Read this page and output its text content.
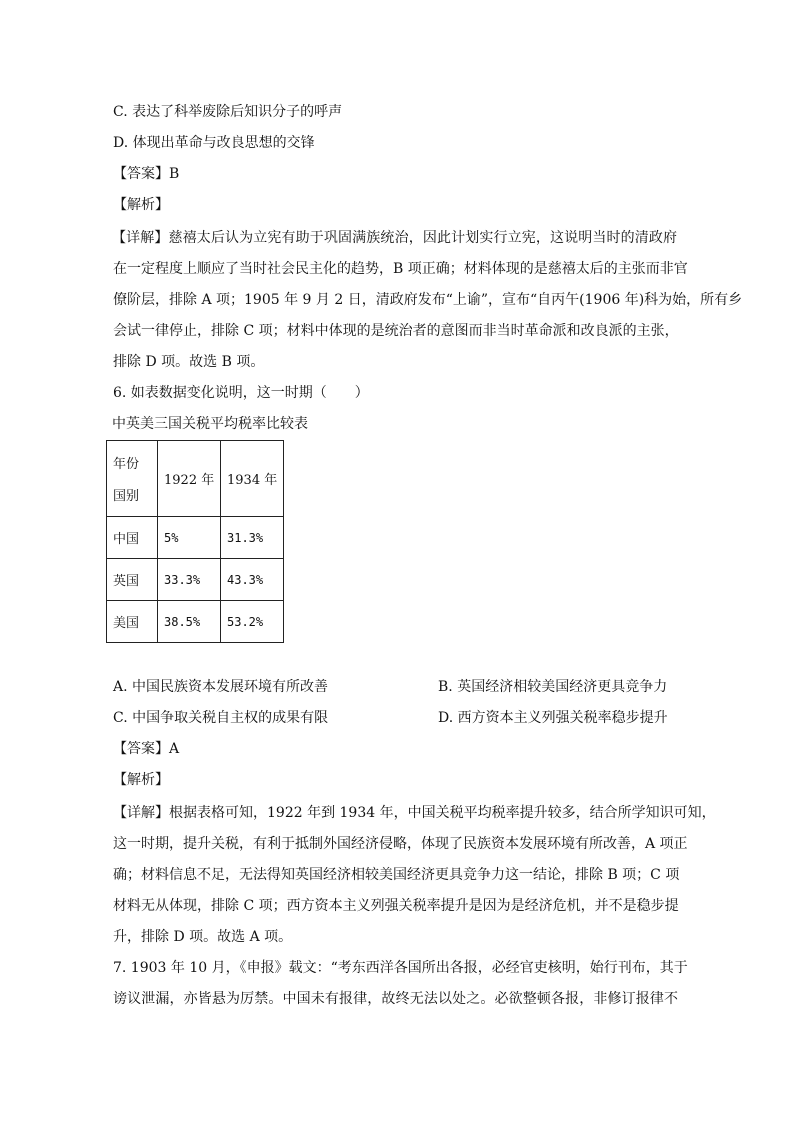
C. 表达了科举废除后知识分子的呼声
D. 体现出革命与改良思想的交锋
【答案】B
【解析】
【详解】慈禧太后认为立宪有助于巩固满族统治，因此计划实行立宪，这说明当时的清政府
在一定程度上顺应了当时社会民主化的趋势，B 项正确；材料体现的是慈禧太后的主张而非官
僚阶层，排除 A 项；1905 年 9 月 2 日，清政府发布“上谕”，宣布“自丙午(1906 年)科为始，所有乡
会试一律停止，排除 C 项；材料中体现的是统治者的意图而非当时革命派和改良派的主张，
排除 D 项。故选 B 项。
6. 如表数据变化说明，这一时期（　　）
中英美三国关税平均税率比较表
年份
国别	1922 年	1934 年
中国	5%	31.3%
英国	33.3%	43.3%
美国	38.5%	53.2%
A. 中国民族资本发展环境有所改善	B. 英国经济相较美国经济更具竞争力
C. 中国争取关税自主权的成果有限	D. 西方资本主义列强关税率稳步提升
【答案】A
【解析】
【详解】根据表格可知，1922 年到 1934 年，中国关税平均税率提升较多，结合所学知识可知，
这一时期，提升关税，有利于抵制外国经济侵略，体现了民族资本发展环境有所改善，A 项正
确；材料信息不足，无法得知英国经济相较美国经济更具竞争力这一结论，排除 B 项；C 项
材料无从体现，排除 C 项；西方资本主义列强关税率提升是因为是经济危机，并不是稳步提
升，排除 D 项。故选 A 项。
7. 1903 年 10 月，《申报》载文：“考东西洋各国所出各报，必经官吏核明，始行刊布，其于
谤议泄漏，亦皆悬为厉禁。中国未有报律，故终无法以处之。必欲整顿各报，非修订报律不
